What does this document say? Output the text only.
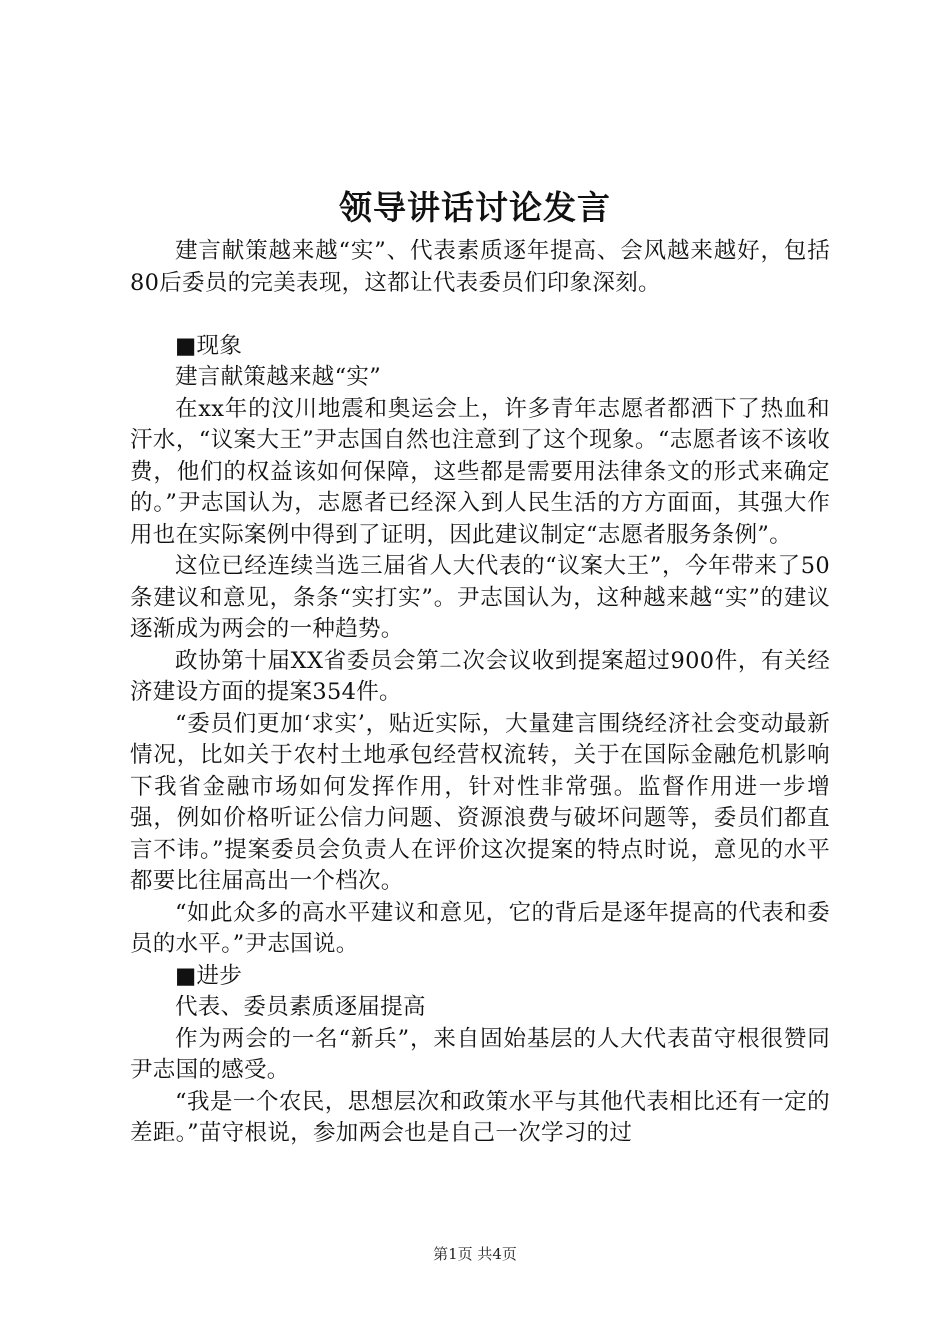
领导讲话讨论发言

建言献策越来越“实”、代表素质逐年提高、会风越来越好，包括80后委员的完美表现，这都让代表委员们印象深刻。

■现象

建言献策越来越“实”

在xx年的汶川地震和奥运会上，许多青年志愿者都洒下了热血和汗水，“议案大王”尹志国自然也注意到了这个现象。“志愿者该不该收费，他们的权益该如何保障，这些都是需要用法律条文的形式来确定的。”尹志国认为，志愿者已经深入到人民生活的方方面面，其强大作用也在实际案例中得到了证明，因此建议制定“志愿者服务条例”。

这位已经连续当选三届省人大代表的“议案大王”，今年带来了50条建议和意见，条条“实打实”。尹志国认为，这种越来越“实”的建议逐渐成为两会的一种趋势。

政协第十届XX省委员会第二次会议收到提案超过900件，有关经济建设方面的提案354件。

“委员们更加‘求实’，贴近实际，大量建言围绕经济社会变动最新情况，比如关于农村土地承包经营权流转，关于在国际金融危机影响下我省金融市场如何发挥作用，针对性非常强。监督作用进一步增强，例如价格听证公信力问题、资源浪费与破坏问题等，委员们都直言不讳。”提案委员会负责人在评价这次提案的特点时说，意见的水平都要比往届高出一个档次。

“如此众多的高水平建议和意见，它的背后是逐年提高的代表和委员的水平。”尹志国说。

■进步

代表、委员素质逐届提高

作为两会的一名“新兵”，来自固始基层的人大代表苗守根很赞同尹志国的感受。

“我是一个农民，思想层次和政策水平与其他代表相比还有一定的差距。”苗守根说，参加两会也是自己一次学习的过

第1页 共4页
